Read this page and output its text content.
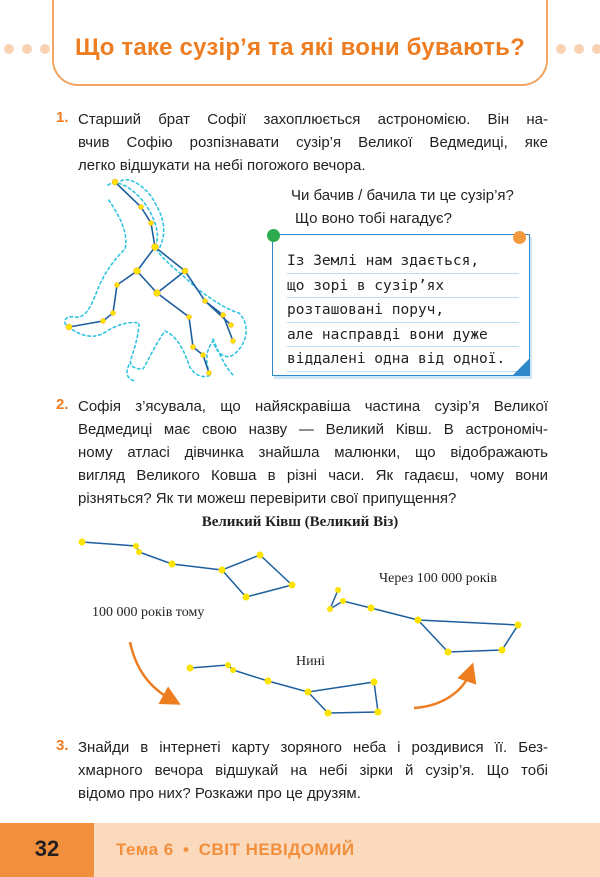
Що таке сузір’я та які вони бувають?
1. Старший брат Софії захоплюється астрономією. Він на-
вчив Софію розпізнавати сузір’я Великої Ведмедиці, яке
легко відшукати на небі погожого вечора.
Чи бачив / бачила ти це сузір’я?
Що воно тобі нагадує?
Із Землі нам здається,
що зорі в сузір’ях
розташовані поруч,
але насправді вони дуже
віддалені одна від одної.
2. Софія з’ясувала, що найяскравіша частина сузір’я Великої
Ведмедиці має свою назву — Великий Ківш. В астрономіч-
ному атласі дівчинка знайшла малюнки, що відображають
вигляд Великого Ковша в різні часи. Як гадаєш, чому вони
різняться? Як ти можеш перевірити свої припущення?
Великий Ківш (Великий Віз)
100 000 років тому
Нині
Через 100 000 років
3. Знайди в інтернеті карту зоряного неба і роздивися її. Без-
хмарного вечора відшукай на небі зірки й сузір’я. Що тобі
відомо про них? Розкажи про це друзям.
32	Тема 6 • СВІТ НЕВІДОМИЙ
